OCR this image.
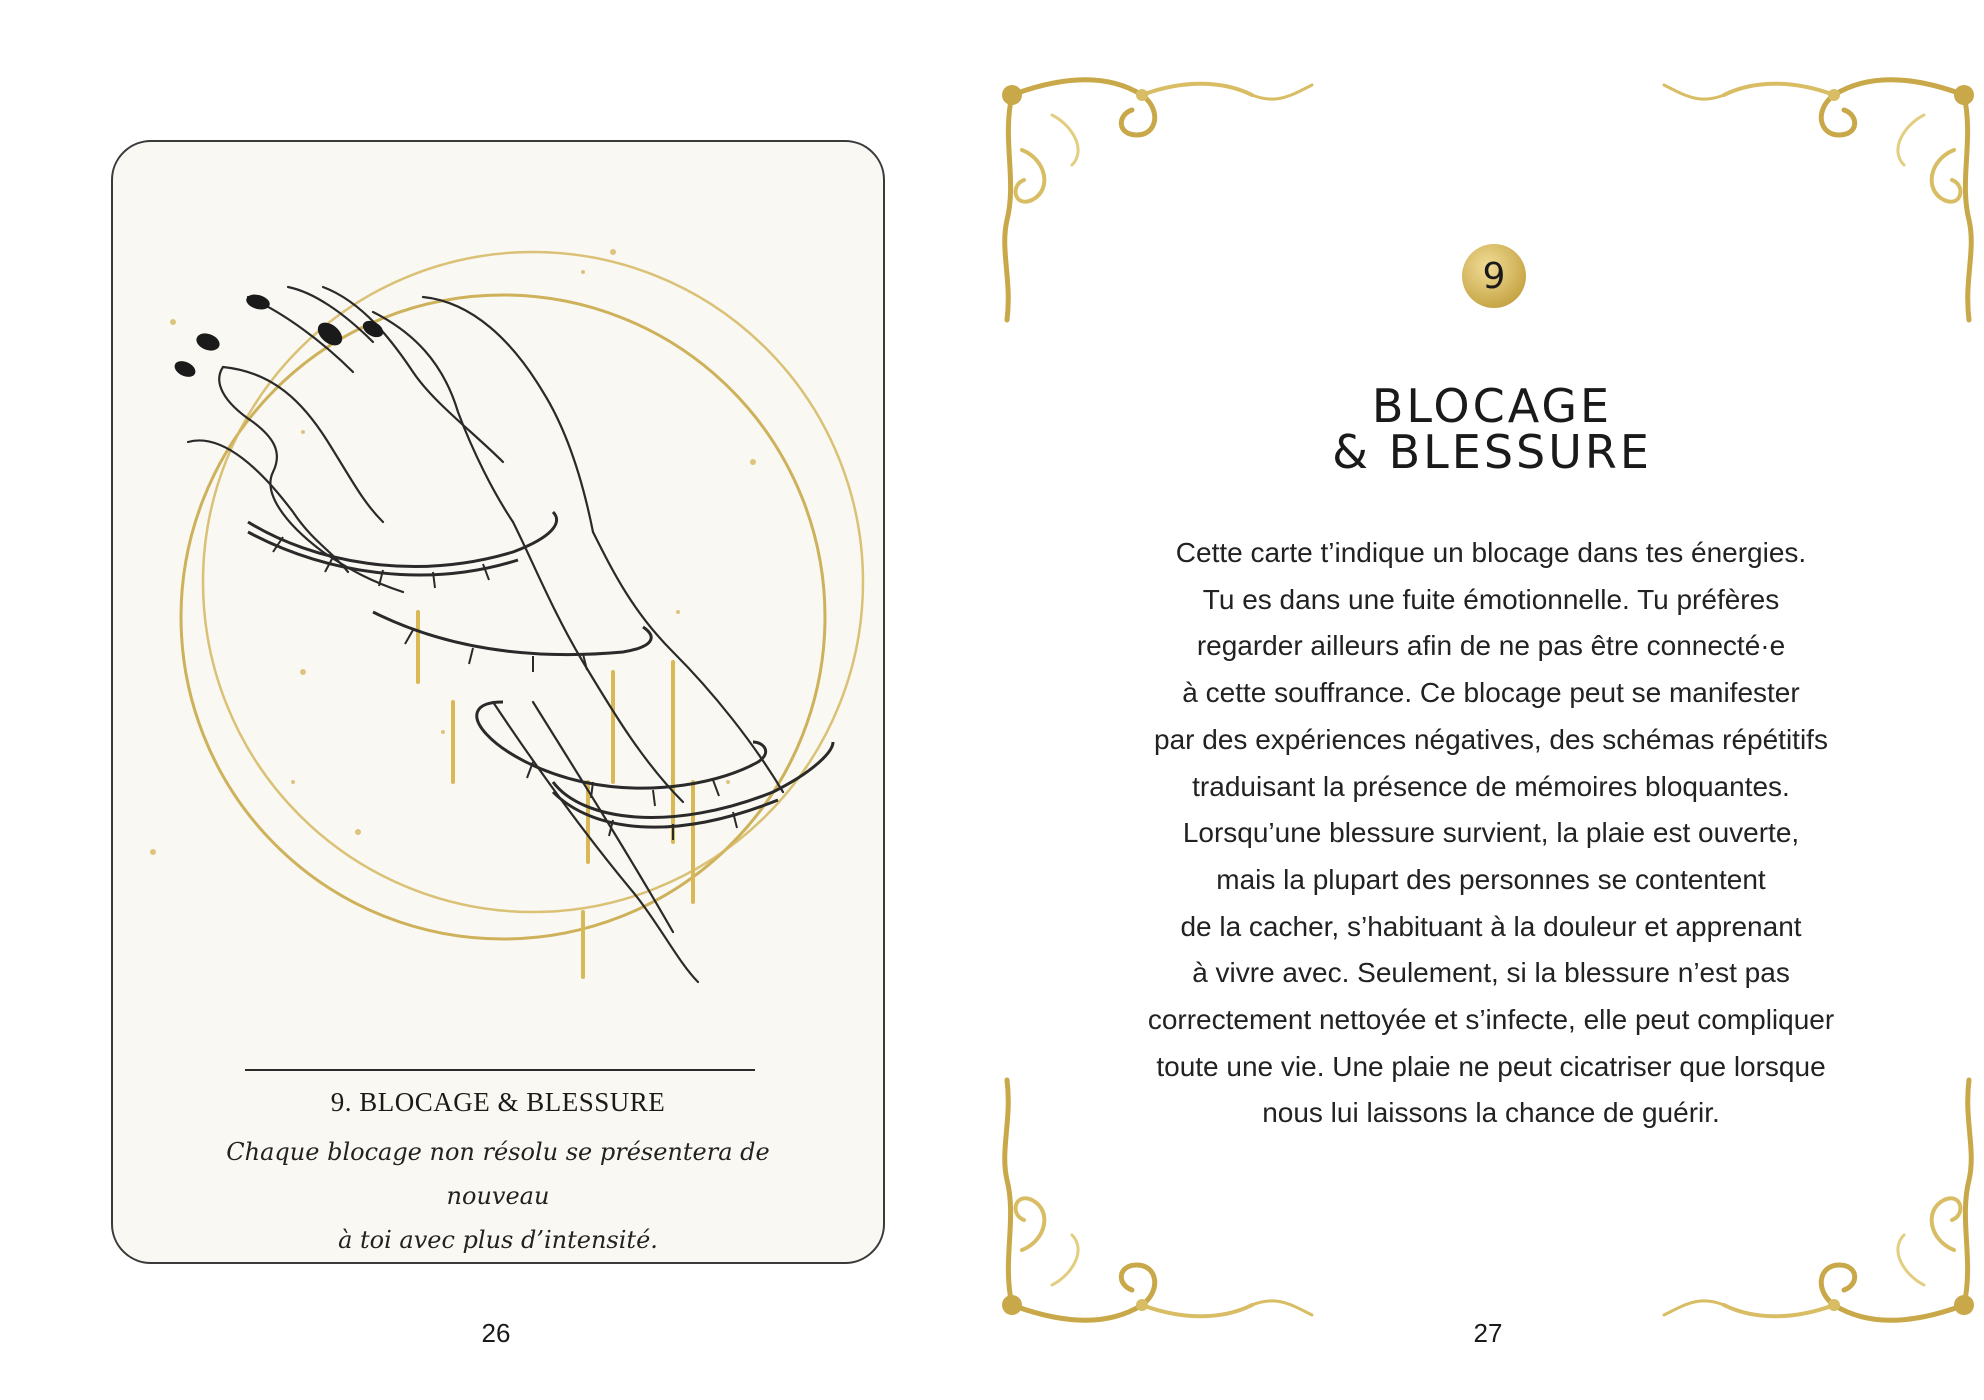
9. BLOCAGE & BLESSURE
Chaque blocage non résolu se présentera de nouveau
à toi avec plus d’intensité.
26
9
BLOCAGE
& BLESSURE

Cette carte t’indique un blocage dans tes énergies.
Tu es dans une fuite émotionnelle. Tu préfères
regarder ailleurs afin de ne pas être connecté·e
à cette souffrance. Ce blocage peut se manifester
par des expériences négatives, des schémas répétitifs
traduisant la présence de mémoires bloquantes.
Lorsqu’une blessure survient, la plaie est ouverte,
mais la plupart des personnes se contentent
de la cacher, s’habituant à la douleur et apprenant
à vivre avec. Seulement, si la blessure n’est pas
correctement nettoyée et s’infecte, elle peut compliquer
toute une vie. Une plaie ne peut cicatriser que lorsque
nous lui laissons la chance de guérir.

27
